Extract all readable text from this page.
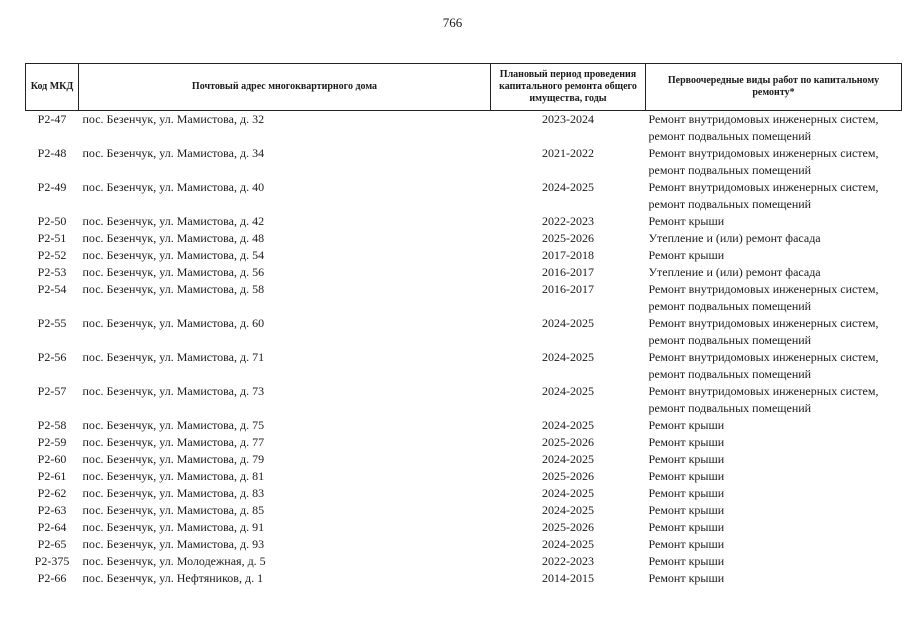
766
Код МКД	Почтовый адрес многоквартирного дома	Плановый период проведения капитального ремонта общего имущества, годы	Первоочередные виды работ по капитальному ремонту*
Р2-47	пос. Безенчук, ул. Мамистова, д. 32	2023-2024	Ремонт внутридомовых инженерных систем, ремонт подвальных помещений
Р2-48	пос. Безенчук, ул. Мамистова, д. 34	2021-2022	Ремонт внутридомовых инженерных систем, ремонт подвальных помещений
Р2-49	пос. Безенчук, ул. Мамистова, д. 40	2024-2025	Ремонт внутридомовых инженерных систем, ремонт подвальных помещений
Р2-50	пос. Безенчук, ул. Мамистова, д. 42	2022-2023	Ремонт крыши
Р2-51	пос. Безенчук, ул. Мамистова, д. 48	2025-2026	Утепление и (или) ремонт фасада
Р2-52	пос. Безенчук, ул. Мамистова, д. 54	2017-2018	Ремонт крыши
Р2-53	пос. Безенчук, ул. Мамистова, д. 56	2016-2017	Утепление и (или) ремонт фасада
Р2-54	пос. Безенчук, ул. Мамистова, д. 58	2016-2017	Ремонт внутридомовых инженерных систем, ремонт подвальных помещений
Р2-55	пос. Безенчук, ул. Мамистова, д. 60	2024-2025	Ремонт внутридомовых инженерных систем, ремонт подвальных помещений
Р2-56	пос. Безенчук, ул. Мамистова, д. 71	2024-2025	Ремонт внутридомовых инженерных систем, ремонт подвальных помещений
Р2-57	пос. Безенчук, ул. Мамистова, д. 73	2024-2025	Ремонт внутридомовых инженерных систем, ремонт подвальных помещений
Р2-58	пос. Безенчук, ул. Мамистова, д. 75	2024-2025	Ремонт крыши
Р2-59	пос. Безенчук, ул. Мамистова, д. 77	2025-2026	Ремонт крыши
Р2-60	пос. Безенчук, ул. Мамистова, д. 79	2024-2025	Ремонт крыши
Р2-61	пос. Безенчук, ул. Мамистова, д. 81	2025-2026	Ремонт крыши
Р2-62	пос. Безенчук, ул. Мамистова, д. 83	2024-2025	Ремонт крыши
Р2-63	пос. Безенчук, ул. Мамистова, д. 85	2024-2025	Ремонт крыши
Р2-64	пос. Безенчук, ул. Мамистова, д. 91	2025-2026	Ремонт крыши
Р2-65	пос. Безенчук, ул. Мамистова, д. 93	2024-2025	Ремонт крыши
Р2-375	пос. Безенчук, ул. Молодежная, д. 5	2022-2023	Ремонт крыши
Р2-66	пос. Безенчук, ул. Нефтяников, д. 1	2014-2015	Ремонт крыши
